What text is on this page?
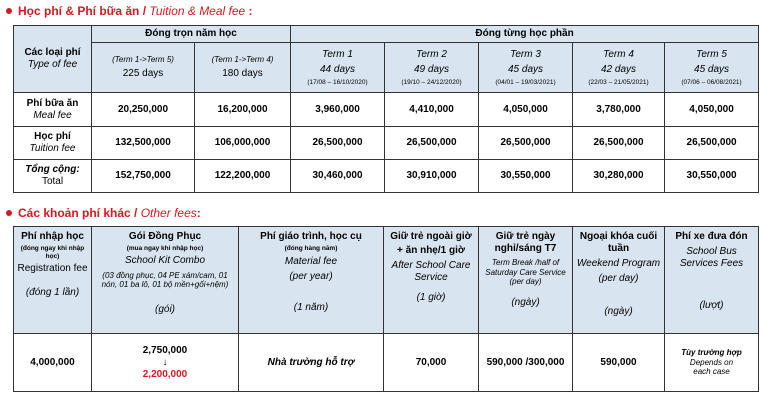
Học phí & Phí bữa ăn / Tuition & Meal fee :
Các loại phí
Type of fee	Đóng trọn năm học		Đóng từng học phần				

	(Term 1->Term 5)
225 days	(Term 1->Term 4)
180 days	Term 1
44 days
(17/08 – 16/10/2020)	Term 2
49 days
(19/10 – 24/12/2020)	Term 3
45 days
(04/01 – 19/03/2021)	Term 4
42 days
(22/03 – 21/05/2021)	Term 5
45 days
(07/06 – 06/08/2021)

Phí bữa ăn
Meal fee	20,250,000	16,200,000	3,960,000	4,410,000	4,050,000	3,780,000	4,050,000

Học phí
Tuition fee	132,500,000	106,000,000	26,500,000	26,500,000	26,500,000	26,500,000	26,500,000

Tổng cộng:
Total	152,750,000	122,200,000	30,460,000	30,910,000	30,550,000	30,280,000	30,550,000
Các khoản phí khác / Other fees:
Phí nhập học
(đóng ngay khi nhập học)
Registration fee
(đóng 1 lần)	Gói Đồng Phục
(mua ngay khi nhập học)
School Kit Combo
(03 đồng phục, 04 PE xám/cam, 01 nón, 01 ba lô, 01 bộ mền+gối+nệm)
(gói)	Phí giáo trình, học cụ
(đóng hàng năm)
Material fee
(per year)
(1 năm)	Giữ trẻ ngoài giờ
+ ăn nhẹ/1 giờ
After School Care Service
(1 giờ)	Giữ trẻ ngày nghỉ/sáng T7
Term Break /half of Saturday Care Service (per day)
(ngày)	Ngoại khóa cuối tuần
Weekend Program
(per day)
(ngày)	Phí xe đưa đón
School Bus Services Fees
(lượt)

4,000,000	2,750,000
↓
2,200,000	Nhà trường hỗ trợ	70,000	590,000 /300,000	590,000	Tùy trường hợp
Depends on each case
